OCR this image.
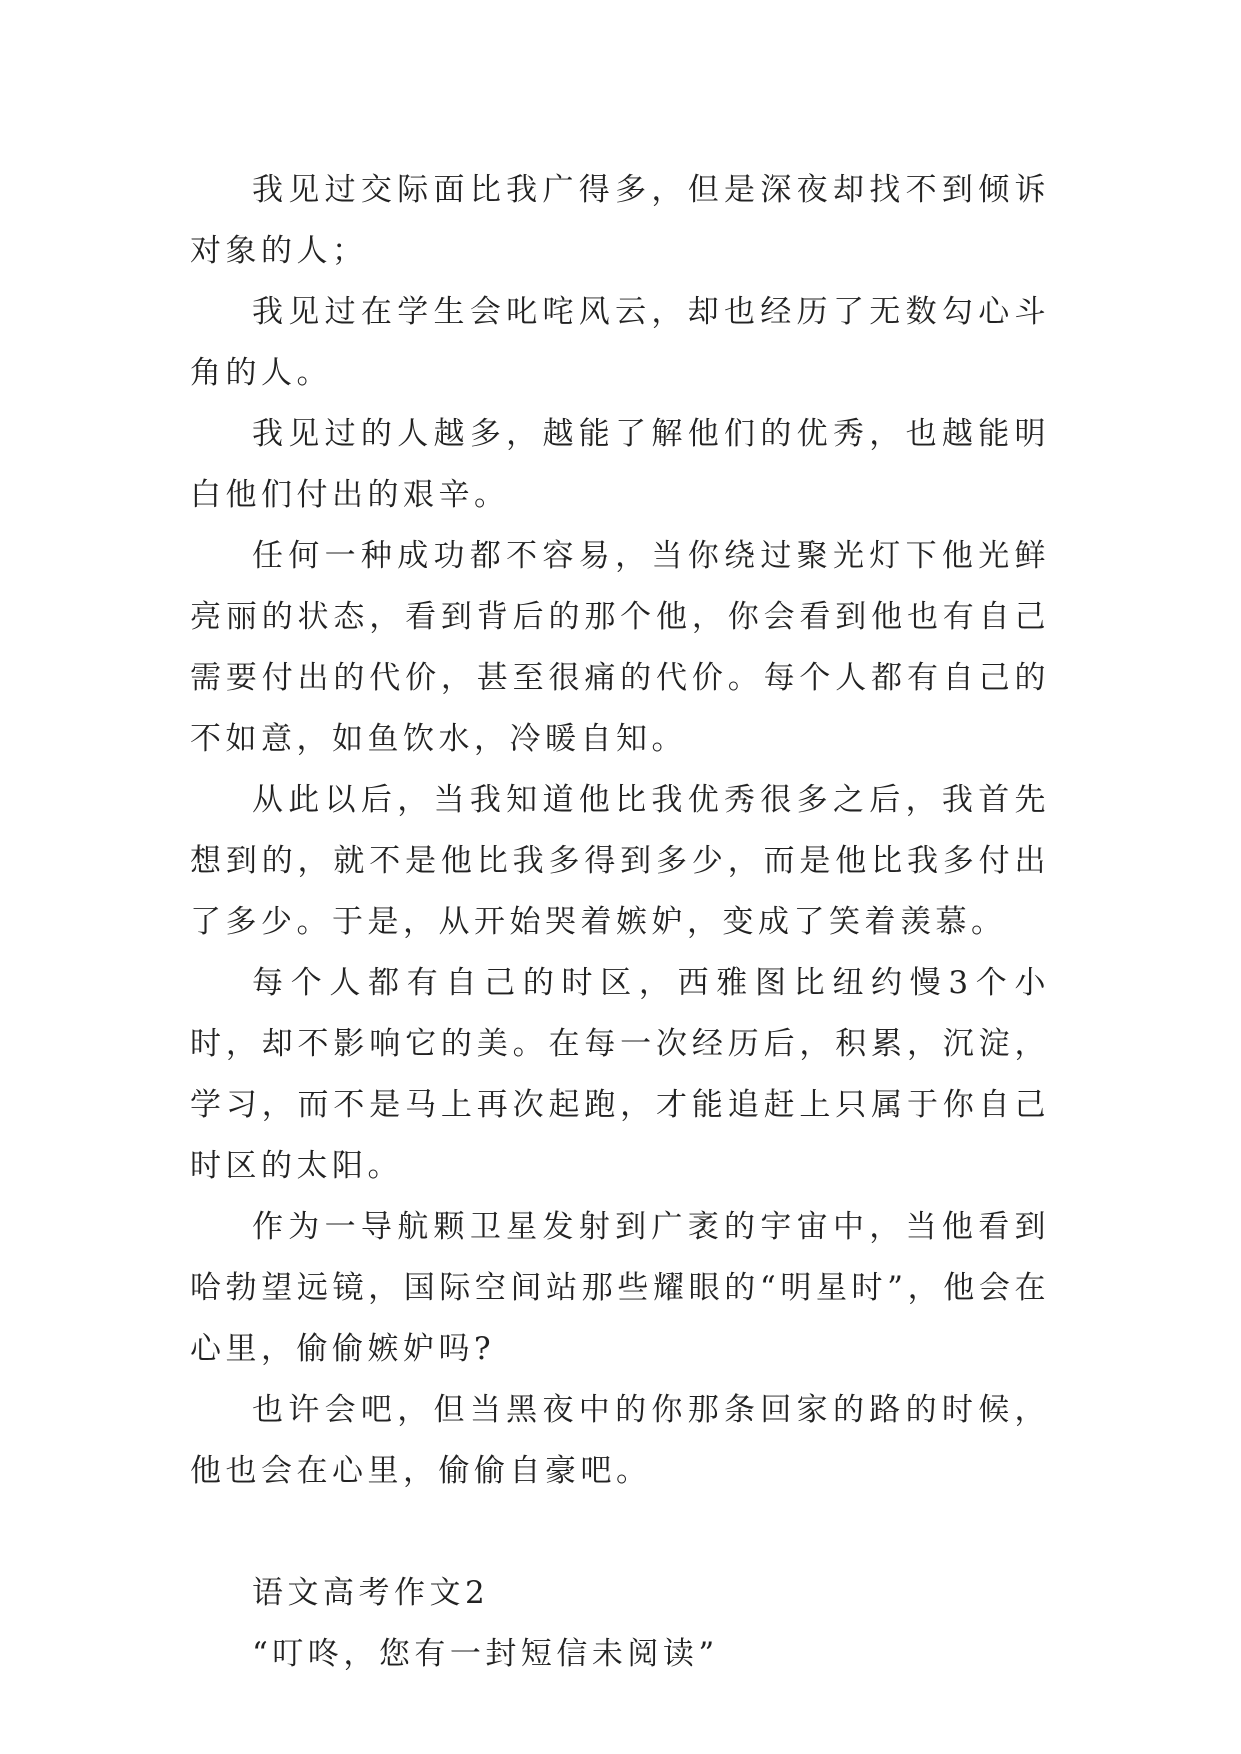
我见过交际面比我广得多，但是深夜却找不到倾诉对象的人；

我见过在学生会叱咤风云，却也经历了无数勾心斗角的人。

我见过的人越多，越能了解他们的优秀，也越能明白他们付出的艰辛。

任何一种成功都不容易，当你绕过聚光灯下他光鲜亮丽的状态，看到背后的那个他，你会看到他也有自己需要付出的代价，甚至很痛的代价。每个人都有自己的不如意，如鱼饮水，冷暖自知。

从此以后，当我知道他比我优秀很多之后，我首先想到的，就不是他比我多得到多少，而是他比我多付出了多少。于是，从开始哭着嫉妒，变成了笑着羡慕。

每个人都有自己的时区，西雅图比纽约慢3个小时，却不影响它的美。在每一次经历后，积累，沉淀，学习，而不是马上再次起跑，才能追赶上只属于你自己时区的太阳。

作为一导航颗卫星发射到广袤的宇宙中，当他看到哈勃望远镜，国际空间站那些耀眼的“明星时”，他会在心里，偷偷嫉妒吗?

也许会吧，但当黑夜中的你那条回家的路的时候，他也会在心里，偷偷自豪吧。

语文高考作文2

“叮咚，您有一封短信未阅读”
